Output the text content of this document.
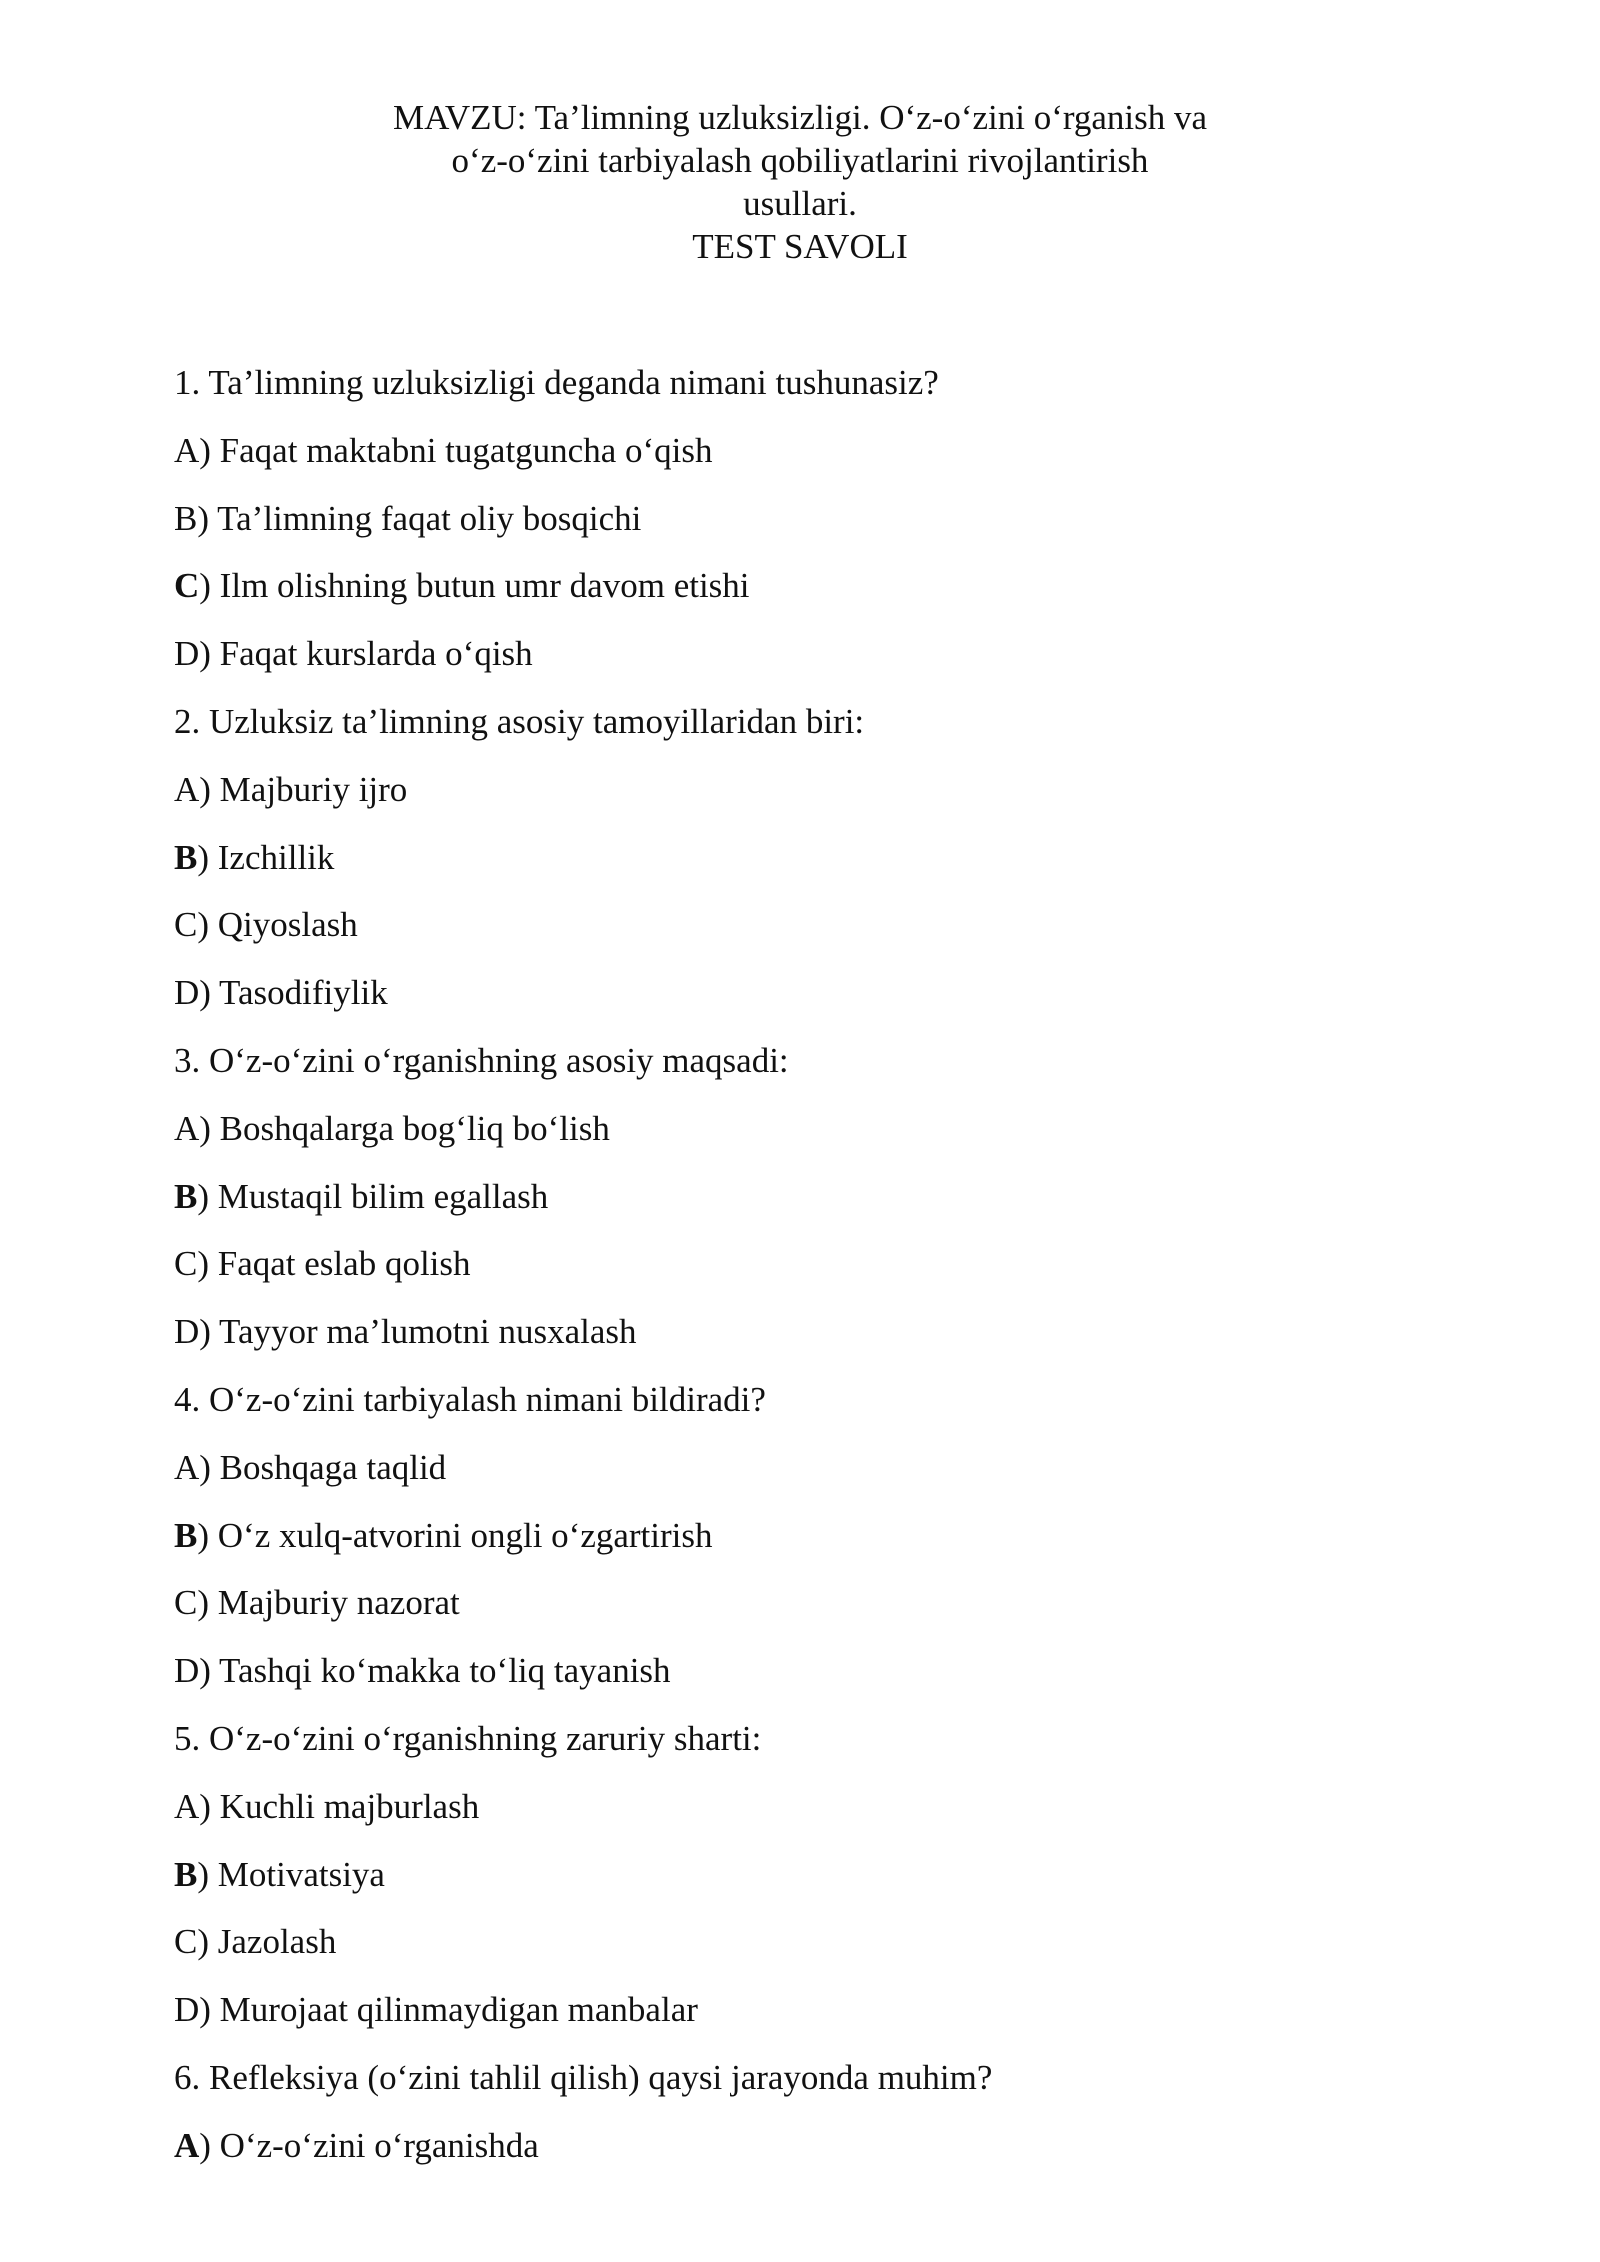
MAVZU: Ta’limning uzluksizligi. O‘z-o‘zini o‘rganish va
o‘z-o‘zini tarbiyalash qobiliyatlarini rivojlantirish
usullari.
TEST SAVOLI
1. Ta’limning uzluksizligi deganda nimani tushunasiz?
A) Faqat maktabni tugatguncha o‘qish
B) Ta’limning faqat oliy bosqichi
C) Ilm olishning butun umr davom etishi
D) Faqat kurslarda o‘qish
2. Uzluksiz ta’limning asosiy tamoyillaridan biri:
A) Majburiy ijro
B) Izchillik
C) Qiyoslash
D) Tasodifiylik
3. O‘z-o‘zini o‘rganishning asosiy maqsadi:
A) Boshqalarga bog‘liq bo‘lish
B) Mustaqil bilim egallash
C) Faqat eslab qolish
D) Tayyor ma’lumotni nusxalash
4. O‘z-o‘zini tarbiyalash nimani bildiradi?
A) Boshqaga taqlid
B) O‘z xulq-atvorini ongli o‘zgartirish
C) Majburiy nazorat
D) Tashqi ko‘makka to‘liq tayanish
5. O‘z-o‘zini o‘rganishning zaruriy sharti:
A) Kuchli majburlash
B) Motivatsiya
C) Jazolash
D) Murojaat qilinmaydigan manbalar
6. Refleksiya (o‘zini tahlil qilish) qaysi jarayonda muhim?
A) O‘z-o‘zini o‘rganishda
